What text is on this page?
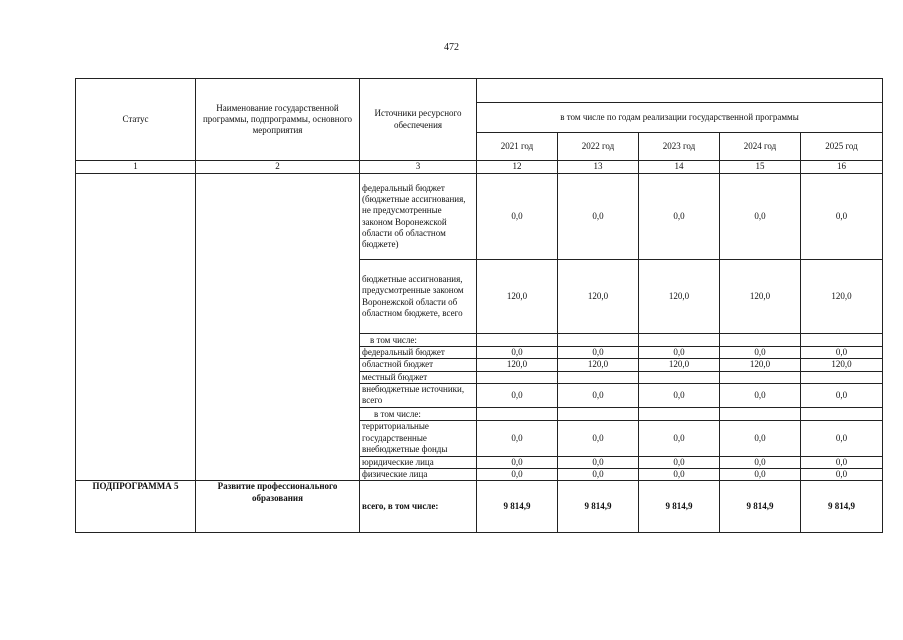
472
Статус	Наименование государственной программы, подпрограммы, основного мероприятия	Источники ресурсного обеспечения					
			в том числе по годам реализации государственной программы				
			2021 год	2022 год	2023 год	2024 год	2025 год
1	2	3	12	13	14	15	16
		федеральный бюджет (бюджетные ассигнования, не предусмотренные законом Воронежской области об областном бюджете)	0,0	0,0	0,0	0,0	0,0
		бюджетные ассигнования, предусмотренные законом Воронежской области об областном бюджете, всего	120,0	120,0	120,0	120,0	120,0
		в том числе:					
		федеральный бюджет	0,0	0,0	0,0	0,0	0,0
		областной бюджет	120,0	120,0	120,0	120,0	120,0
		местный бюджет					
		внебюджетные источники, всего	0,0	0,0	0,0	0,0	0,0
		в том числе:					
		территориальные государственные внебюджетные фонды	0,0	0,0	0,0	0,0	0,0
		юридические лица	0,0	0,0	0,0	0,0	0,0
		физические лица	0,0	0,0	0,0	0,0	0,0
ПОДПРОГРАММА 5	Развитие профессионального образования	всего, в том числе:	9 814,9	9 814,9	9 814,9	9 814,9	9 814,9
